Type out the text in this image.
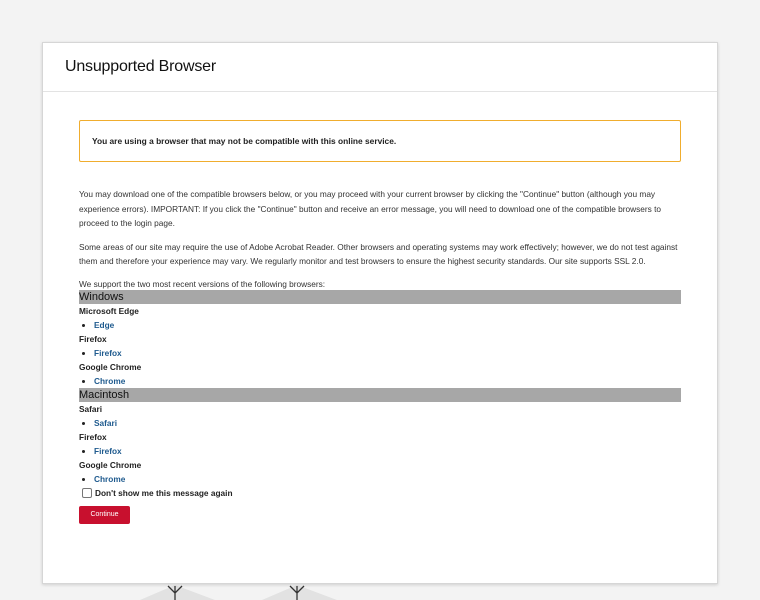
Unsupported Browser
You are using a browser that may not be compatible with this online service.

You may download one of the compatible browsers below, or you may proceed with your current browser by clicking the "Continue" button (although you may experience errors). IMPORTANT: If you click the "Continue" button and receive an error message, you will need to download one of the compatible browsers to proceed to the login page.

Some areas of our site may require the use of Adobe Acrobat Reader. Other browsers and operating systems may work effectively; however, we do not test against them and therefore your experience may vary. We regularly monitor and test browsers to ensure the highest security standards. Our site supports SSL 2.0.

We support the two most recent versions of the following browsers:

Windows

Microsoft Edge

• Edge

Firefox

• Firefox

Google Chrome

• Chrome
Macintosh

Safari

• Safari

Firefox

• Firefox

Google Chrome

• Chrome
Don't show me this message again
Continue
